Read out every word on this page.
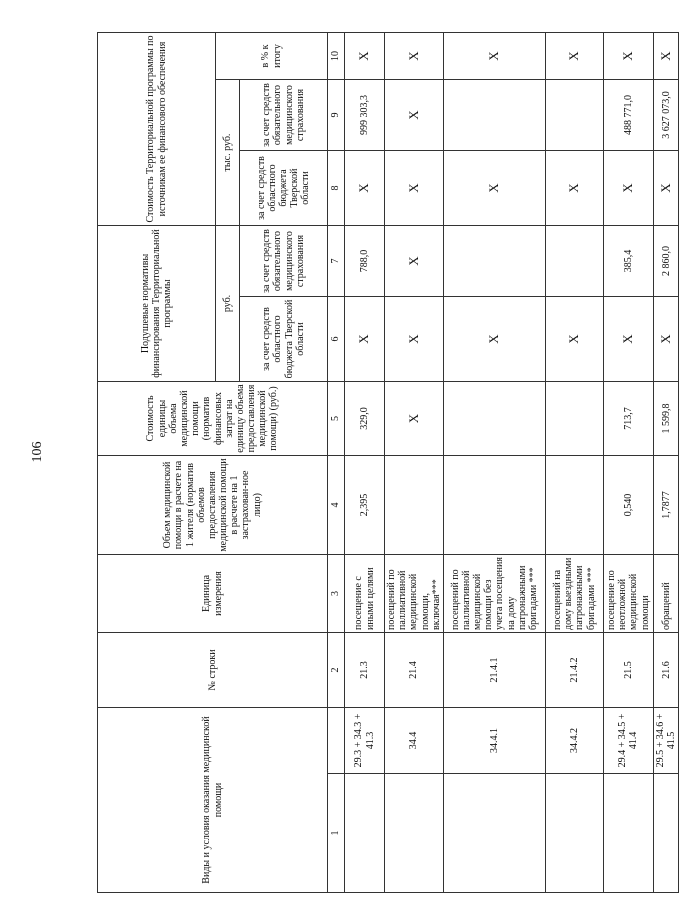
106
Виды и условия оказания медицинской помощи		№ строки	Единица измерения	Объем медицинской помощи в расчете на 1 жителя (норматив объемов предоставления медицинской помощи в расчете на 1 застрахован-ное лицо)	Стоимость единицы объема медицинской помощи (норматив финансовых затрат на единицу объема предоставления медицинской помощи) (руб.)	Подушевые нормативы финансирования Территориальной программы		Стоимость Территориальной программы по источникам ее финансового обеспечения		
						руб.		тыс. руб.		в % к итогу
						за счет средств областного бюджета Тверской области	за счет средств обязательного медицинского страхования	за счет средств областного бюджета Тверской области	за счет средств обязательного медицинского страхования	
1		2	3	4	5	6	7	8	9	10
	29.3 + 34.3 + 41.3	21.3	посещение с иными целями	2,395	329,0	Х	788,0	Х	999 303,3	Х
	34.4	21.4	посещений по паллиативной медицинской помощи, включая***		Х	Х	Х	Х	Х	Х
	34.4.1	21.4.1	посещений по паллиативной медицинской помощи без учета посещения на дому патронажными бригадами ***			Х		Х		Х
	34.4.2	21.4.2	посещений на дому выездными патронажными бригадами ***			Х		Х		Х
	29.4 + 34.5 + 41.4	21.5	посещение по неотложной медицинской помощи	0,540	713,7	Х	385,4	Х	488 771,0	Х
	29.5 + 34.6 + 41.5	21.6	обращений	1,7877	1 599,8	Х	2 860,0	Х	3 627 073,0	Х
